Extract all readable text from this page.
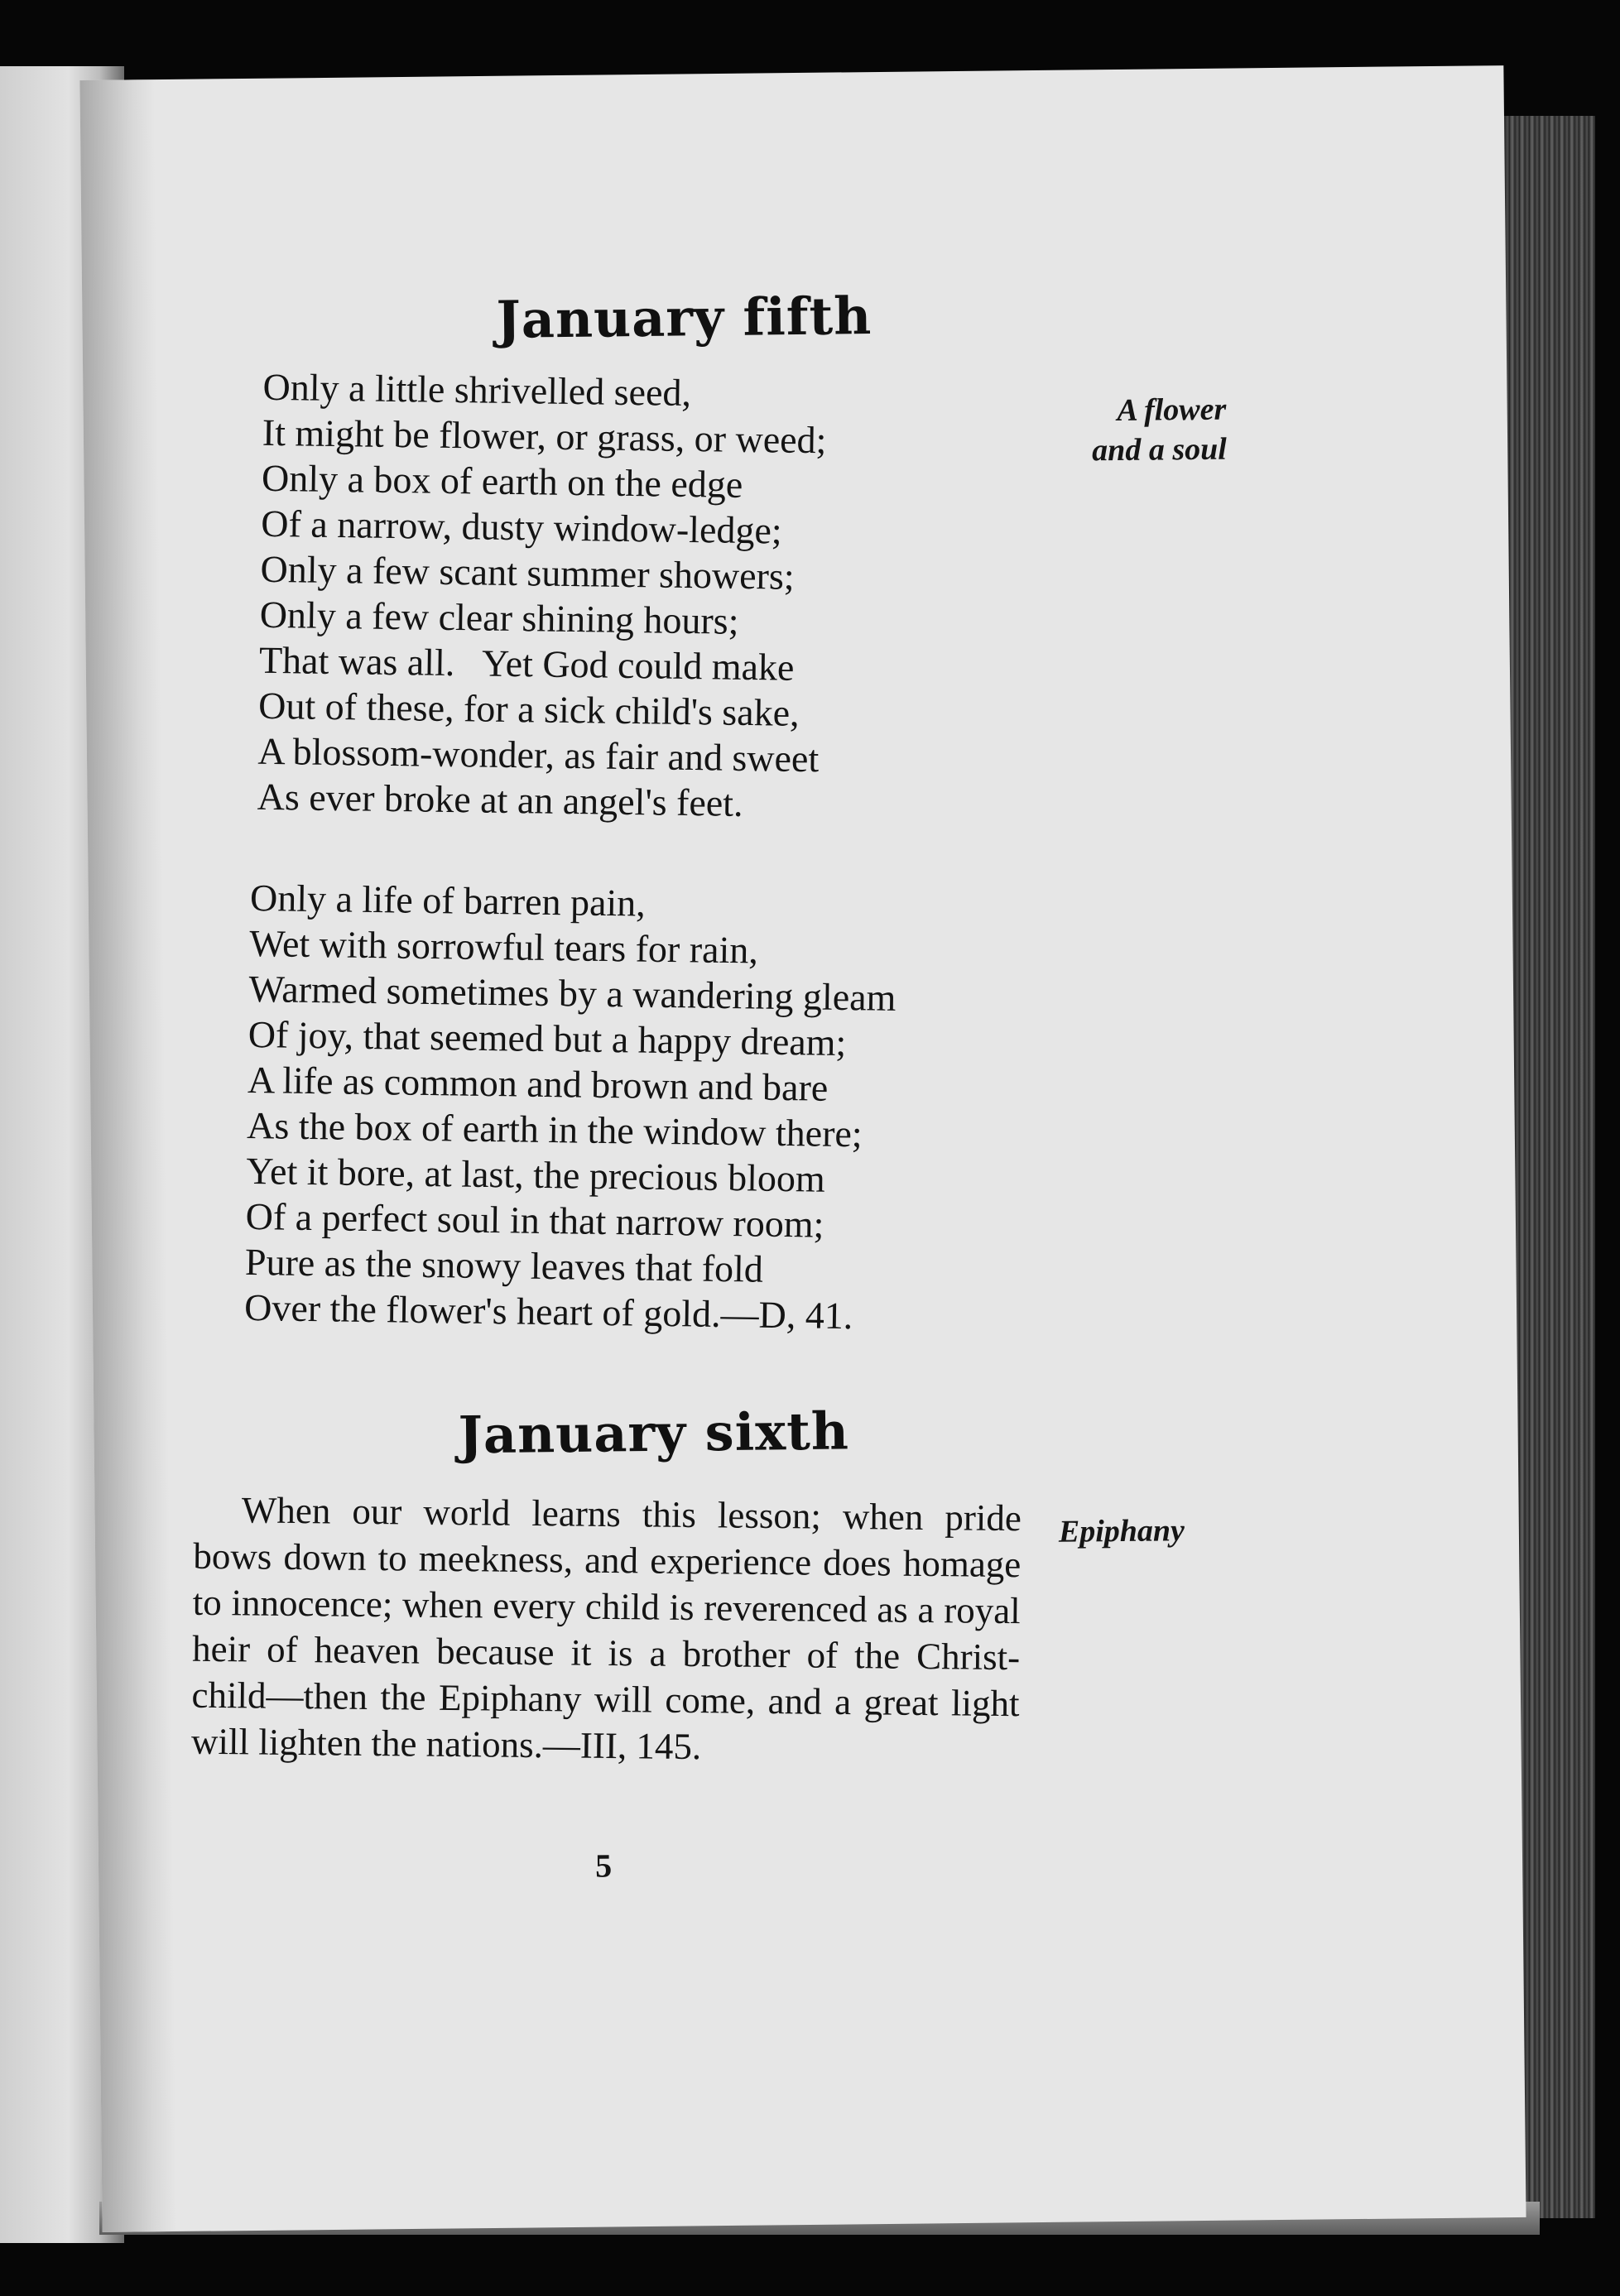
January fifth
A flower
and a soul
Only a little shrivelled seed,
It might be flower, or grass, or weed;
Only a box of earth on the edge
Of a narrow, dusty window-ledge;
Only a few scant summer showers;
Only a few clear shining hours;
That was all.   Yet God could make
Out of these, for a sick child's sake,
A blossom-wonder, as fair and sweet
As ever broke at an angel's feet.
Only a life of barren pain,
Wet with sorrowful tears for rain,
Warmed sometimes by a wandering gleam
Of joy, that seemed but a happy dream;
A life as common and brown and bare
As the box of earth in the window there;
Yet it bore, at last, the precious bloom
Of a perfect soul in that narrow room;
Pure as the snowy leaves that fold
Over the flower's heart of gold.—D, 41.
January sixth
Epiphany

When our world learns this lesson; when pride bows down to meekness, and experience does homage to innocence; when every child is reverenced as a royal heir of heaven because it is a brother of the Christ-child—then the Epiphany will come, and a great light will lighten the nations.—III, 145.

5
